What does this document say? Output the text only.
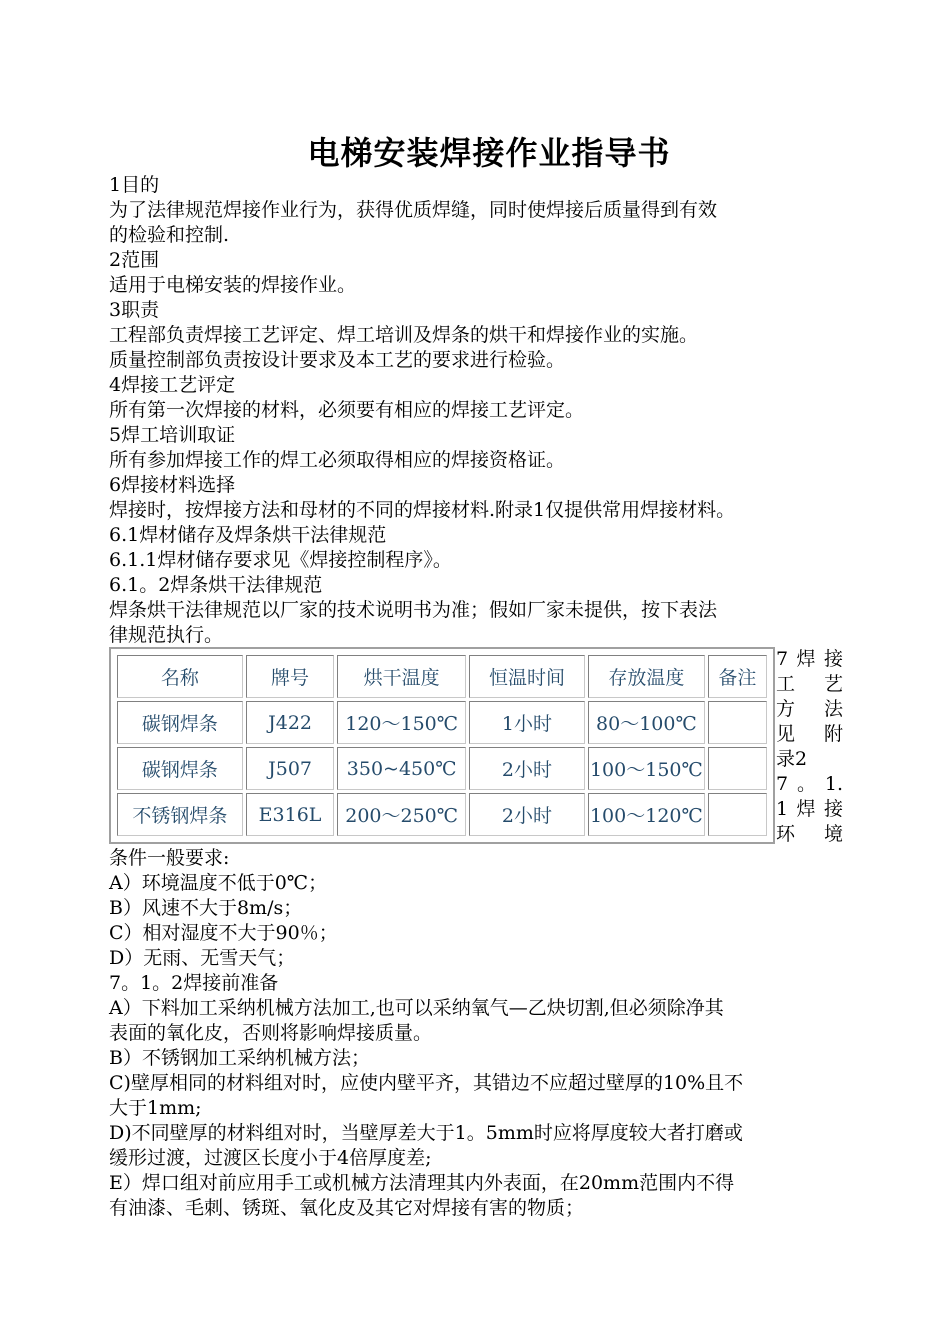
电梯安装焊接作业指导书
1目的
为了法律规范焊接作业行为，获得优质焊缝，同时使焊接后质量得到有效
的检验和控制.
2范围
适用于电梯安装的焊接作业。
3职责
工程部负责焊接工艺评定、焊工培训及焊条的烘干和焊接作业的实施。
质量控制部负责按设计要求及本工艺的要求进行检验。
4焊接工艺评定
所有第一次焊接的材料，必须要有相应的焊接工艺评定。
5焊工培训取证
所有参加焊接工作的焊工必须取得相应的焊接资格证。
6焊接材料选择
焊接时，按焊接方法和母材的不同的焊接材料.附录1仅提供常用焊接材料。
6.1焊材储存及焊条烘干法律规范
6.1.1焊材储存要求见《焊接控制程序》。
6.1。2焊条烘干法律规范
焊条烘干法律规范以厂家的技术说明书为准；假如厂家未提供，按下表法
律规范执行。
名称	牌号	烘干温度	恒温时间	存放温度	备注
碳钢焊条	J422	120～150℃	1小时	80～100℃	
碳钢焊条	J507	350~450℃	2小时	100～150℃	
不锈钢焊条	E316L	200～250℃	2小时	100～120℃	
7焊接
工艺
方法
见附
录2
7。1.
1焊接
环境
条件一般要求:
A）环境温度不低于0℃；
B）风速不大于8m/s；
C）相对湿度不大于90％；
D）无雨、无雪天气；
7。1。2焊接前准备
A）下料加工采纳机械方法加工,也可以采纳氧气—乙炔切割,但必须除净其
表面的氧化皮，否则将影响焊接质量。
B）不锈钢加工采纳机械方法；
C)壁厚相同的材料组对时，应使内壁平齐，其错边不应超过壁厚的10%且不
大于1mm;
D)不同壁厚的材料组对时，当壁厚差大于1。5mm时应将厚度较大者打磨或
缓形过渡，过渡区长度小于4倍厚度差;
E）焊口组对前应用手工或机械方法清理其内外表面，在20mm范围内不得
有油漆、毛刺、锈斑、氧化皮及其它对焊接有害的物质；
